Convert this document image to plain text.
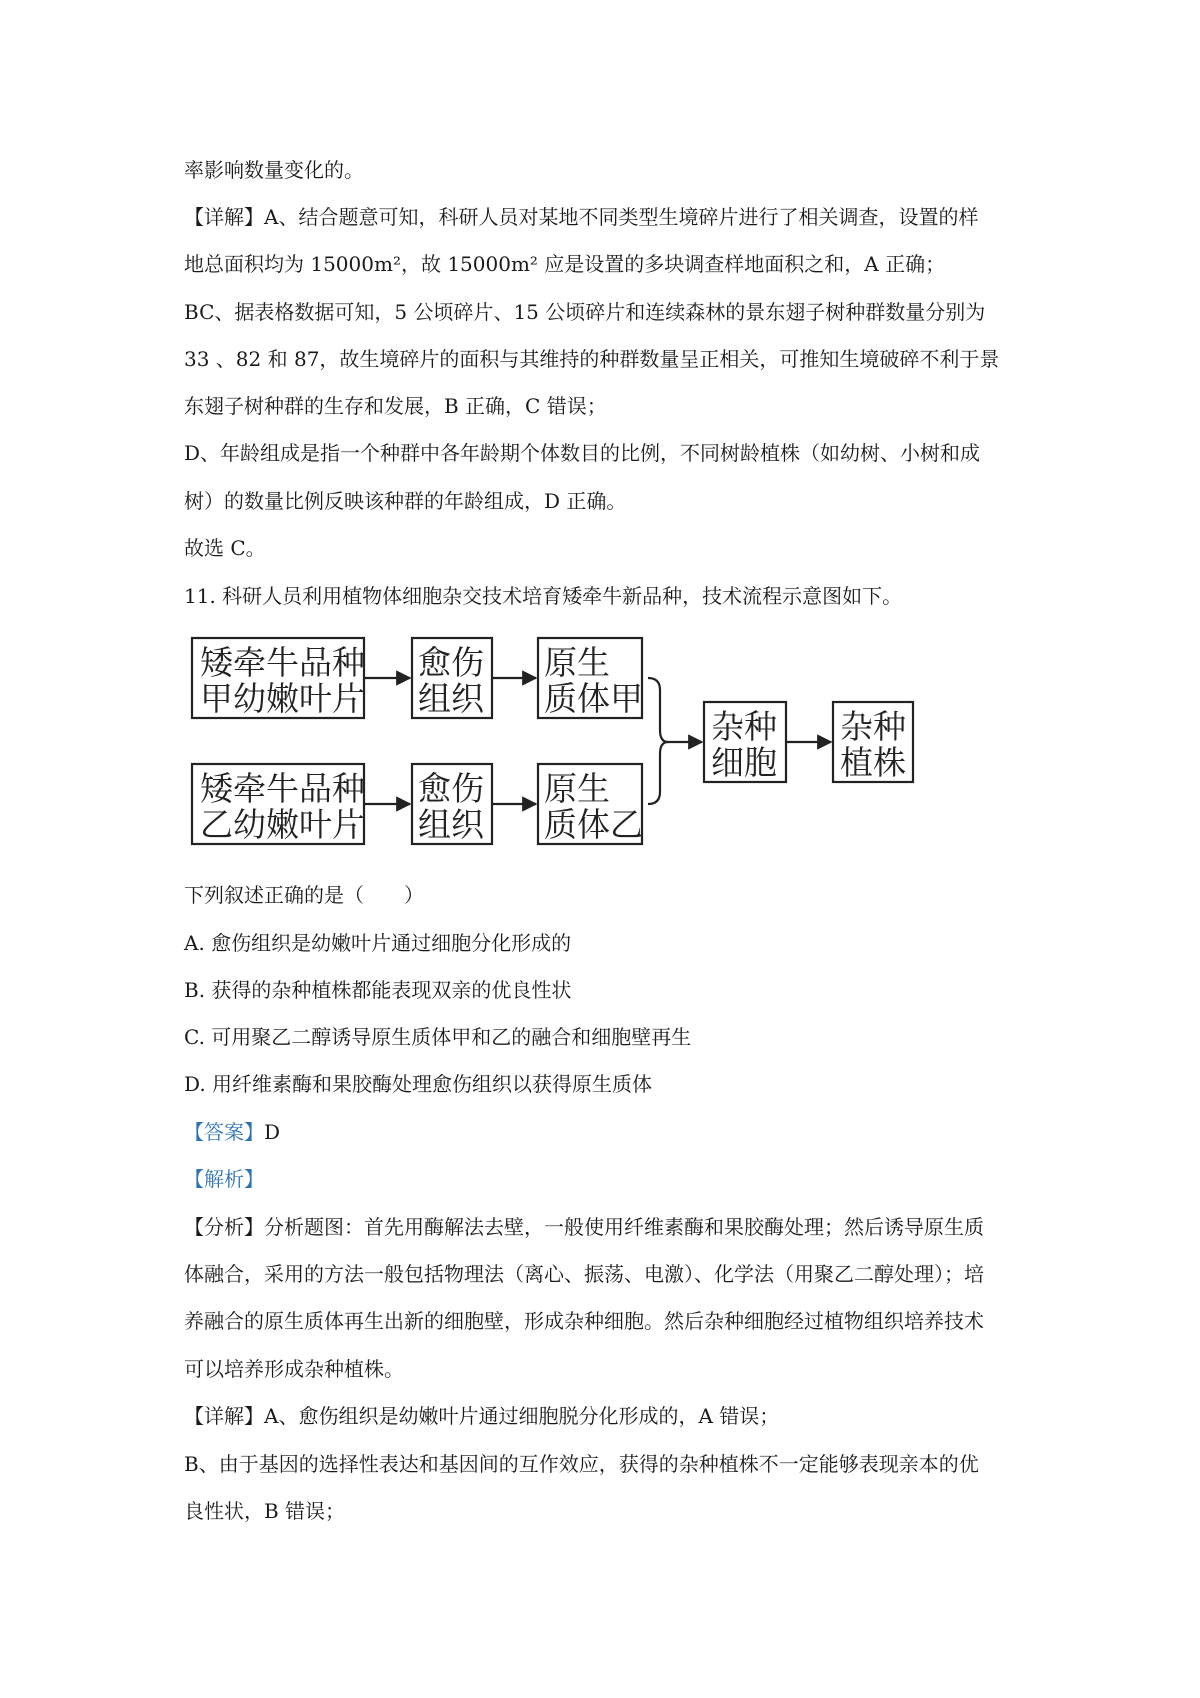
率影响数量变化的。
【详解】A、结合题意可知，科研人员对某地不同类型生境碎片进行了相关调查，设置的样
地总面积均为 15000m²，故 15000m² 应是设置的多块调查样地面积之和，A 正确；
BC、据表格数据可知，5 公顷碎片、15 公顷碎片和连续森林的景东翅子树种群数量分别为
33 、82 和 87，故生境碎片的面积与其维持的种群数量呈正相关，可推知生境破碎不利于景
东翅子树种群的生存和发展，B 正确，C 错误；
D、年龄组成是指一个种群中各年龄期个体数目的比例，不同树龄植株（如幼树、小树和成
树）的数量比例反映该种群的年龄组成，D 正确。
故选 C。
11. 科研人员利用植物体细胞杂交技术培育矮牵牛新品种，技术流程示意图如下。
矮牵牛品种
甲幼嫩叶片
愈伤
组织
原生
质体甲
矮牵牛品种
乙幼嫩叶片
愈伤
组织
原生
质体乙
杂种
细胞
杂种
植株
下列叙述正确的是（　　）
A. 愈伤组织是幼嫩叶片通过细胞分化形成的
B. 获得的杂种植株都能表现双亲的优良性状
C. 可用聚乙二醇诱导原生质体甲和乙的融合和细胞壁再生
D. 用纤维素酶和果胶酶处理愈伤组织以获得原生质体
【答案】D
【解析】
【分析】分析题图：首先用酶解法去壁，一般使用纤维素酶和果胶酶处理；然后诱导原生质
体融合，采用的方法一般包括物理法（离心、振荡、电激）、化学法（用聚乙二醇处理）；培
养融合的原生质体再生出新的细胞壁，形成杂种细胞。然后杂种细胞经过植物组织培养技术
可以培养形成杂种植株。
【详解】A、愈伤组织是幼嫩叶片通过细胞脱分化形成的，A 错误；
B、由于基因的选择性表达和基因间的互作效应，获得的杂种植株不一定能够表现亲本的优
良性状，B 错误；
